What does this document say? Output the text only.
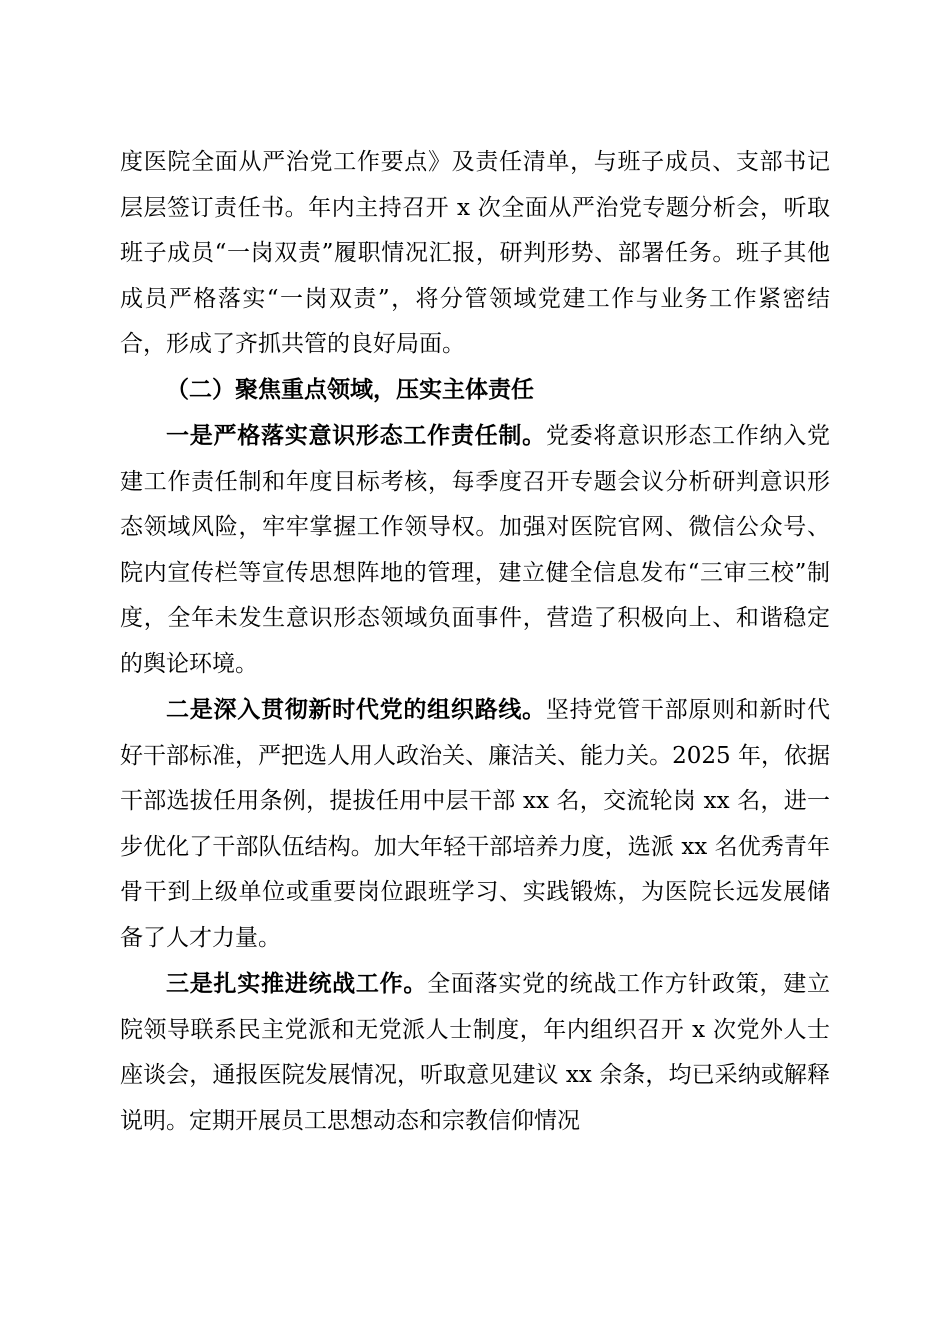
度医院全面从严治党工作要点》及责任清单，与班子成员、支部书记层层签订责任书。年内主持召开 x 次全面从严治党专题分析会，听取班子成员“一岗双责”履职情况汇报，研判形势、部署任务。班子其他成员严格落实“一岗双责”，将分管领域党建工作与业务工作紧密结合，形成了齐抓共管的良好局面。

（二）聚焦重点领域，压实主体责任

一是严格落实意识形态工作责任制。党委将意识形态工作纳入党建工作责任制和年度目标考核，每季度召开专题会议分析研判意识形态领域风险，牢牢掌握工作领导权。加强对医院官网、微信公众号、院内宣传栏等宣传思想阵地的管理，建立健全信息发布“三审三校”制度，全年未发生意识形态领域负面事件，营造了积极向上、和谐稳定的舆论环境。

二是深入贯彻新时代党的组织路线。坚持党管干部原则和新时代好干部标准，严把选人用人政治关、廉洁关、能力关。2025 年，依据干部选拔任用条例，提拔任用中层干部 xx 名，交流轮岗 xx 名，进一步优化了干部队伍结构。加大年轻干部培养力度，选派 xx 名优秀青年骨干到上级单位或重要岗位跟班学习、实践锻炼，为医院长远发展储备了人才力量。

三是扎实推进统战工作。全面落实党的统战工作方针政策，建立院领导联系民主党派和无党派人士制度，年内组织召开 x 次党外人士座谈会，通报医院发展情况，听取意见建议 xx 余条，均已采纳或解释说明。定期开展员工思想动态和宗教信仰情况
